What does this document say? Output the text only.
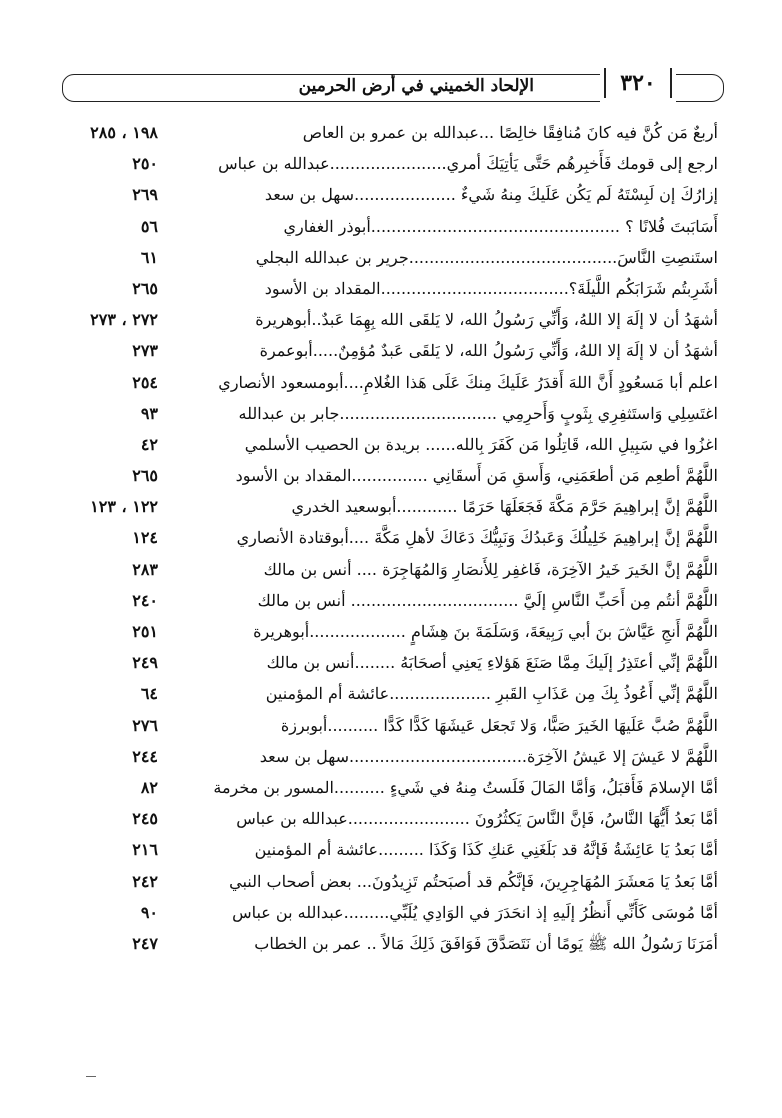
الإلحاد الخميني في أرض الحرمين	٣٢٠
أربعٌ مَن كُنَّ فيه كانَ مُنافِقًا خالِصًا ...عبدالله بن عمرو بن العاص
١٩٨ ، ٢٨٥
ارجع إلى قومك فَأَخبِرهُم حَتَّى يَأتِيَكَ أمري.......................عبدالله بن عباس
٢٥٠
إزارُكَ إن لَبِسْتَهُ لَم يَكُن عَلَيكَ مِنهُ شَيءٌ ....................سهل بن سعد
٢٦٩
أَسَابَبتَ فُلانًا ؟ .................................................أبوذر الغفاري
٥٦
استَنصِتِ النَّاسَ.........................................جرير بن عبدالله البجلي
٦١
أشَرِبتُم شَرَابَكُم اللَّيلَةَ؟.....................................المقداد بن الأسود
٢٦٥
أشهَدُ أن لا إلَهَ إلا اللهُ، وَأَنِّي رَسُولُ الله، لا يَلقَى الله بِهِمَا عَبدٌ..أبوهريرة
٢٧٢ ، ٢٧٣
أشهَدُ أن لا إلَهَ إلا اللهُ، وَأَنِّي رَسُولُ الله، لا يَلقَى عَبدٌ مُؤمِنٌ.....أبوعمرة
٢٧٣
اعلم أبا مَسعُودٍ أَنَّ اللهَ أَقدَرُ عَلَيكَ مِنكَ عَلَى هَذا الغُلامِ....أبومسعود الأنصاري
٢٥٤
اغتَسِلِي وَاستَثفِرِي بِثَوبٍ وَأَحرِمِي ...............................جابر بن عبدالله
٩٣
اغزُوا في سَبِيلِ الله، قَاتِلُوا مَن كَفَرَ بِالله...... بريدة بن الحصيب الأسلمي
٤٢
اللَّهُمَّ أطعِم مَن أطعَمَنِي، وَأَسقِ مَن أَسقَانِي ...............المقداد بن الأسود
٢٦٥
اللَّهُمَّ إنَّ إبراهِيمَ حَرَّمَ مَكَّةَ فَجَعَلَهَا حَرَمًا ............أبوسعيد الخدري
١٢٢ ، ١٢٣
اللَّهُمَّ إنَّ إبراهِيمَ خَلِيلُكَ وَعَبدُكَ وَنَبِيُّكَ دَعَاكَ لأهلِ مَكَّةَ ....أبوقتادة الأنصاري
١٢٤
اللَّهُمَّ إنَّ الخَيرَ خَيرُ الآخِرَة، فَاغفِر لِلأَنصَارِ وَالمُهَاجِرَة .... أنس بن مالك
٢٨٣
اللَّهُمَّ أنتُم مِن أَحَبِّ النَّاسِ إلَيَّ ................................. أنس بن مالك
٢٤٠
اللَّهُمَّ أَنجِ عَيَّاشَ بنَ أبي رَبِيعَةَ، وَسَلَمَةَ بنَ هِشَامٍ ...................أبوهريرة
٢٥١
اللَّهُمَّ إنِّي أعتَذِرُ إلَيكَ مِمَّا صَنَعَ هَؤلاءِ يَعنِي أصحَابَهُ ........أنس بن مالك
٢٤٩
اللَّهُمَّ إنِّي أَعُوذُ بِكَ مِن عَذَابِ القَبرِ ....................عائشة أم المؤمنين
٦٤
اللَّهُمَّ صُبَّ عَلَيهَا الخَيرَ صَبًّا، وَلا تَجعَل عَيشَهَا كَدًّا كَدًّا ..........أبوبرزة
٢٧٦
اللَّهُمَّ لا عَيشَ إلا عَيشُ الآخِرَة...................................سهل بن سعد
٢٤٤
أمَّا الإسلامَ فَأَقبَلُ، وَأمَّا المَالَ فَلَستُ مِنهُ في شَيءٍ ..........المسور بن مخرمة
٨٢
أمَّا بَعدُ أَيُّهَا النَّاسُ، فَإنَّ النَّاسَ يَكثُرُونَ ........................عبدالله بن عباس
٢٤٥
أمَّا بَعدُ يَا عَائِشَةُ فَإنَّهُ قد بَلَغَنِي عَنكِ كَذَا وَكَذَا .........عائشة أم المؤمنين
٢١٦
أمَّا بَعدُ يَا مَعشَرَ المُهَاجِرِينَ، فَإنَّكُم قد أصبَحتُم تَزِيدُونَ... بعض أصحاب النبي
٢٤٢
أمَّا مُوسَى كَأَنِّي أَنظُرُ إلَيهِ إذ انحَدَرَ في الوَادِي يُلَبِّي.........عبدالله بن عباس
٩٠
أمَرَنَا رَسُولُ الله ﷺ يَومًا أن نَتَصَدَّقَ فَوَافَقَ ذَلِكَ مَالاً .. عمر بن الخطاب
٢٤٧
